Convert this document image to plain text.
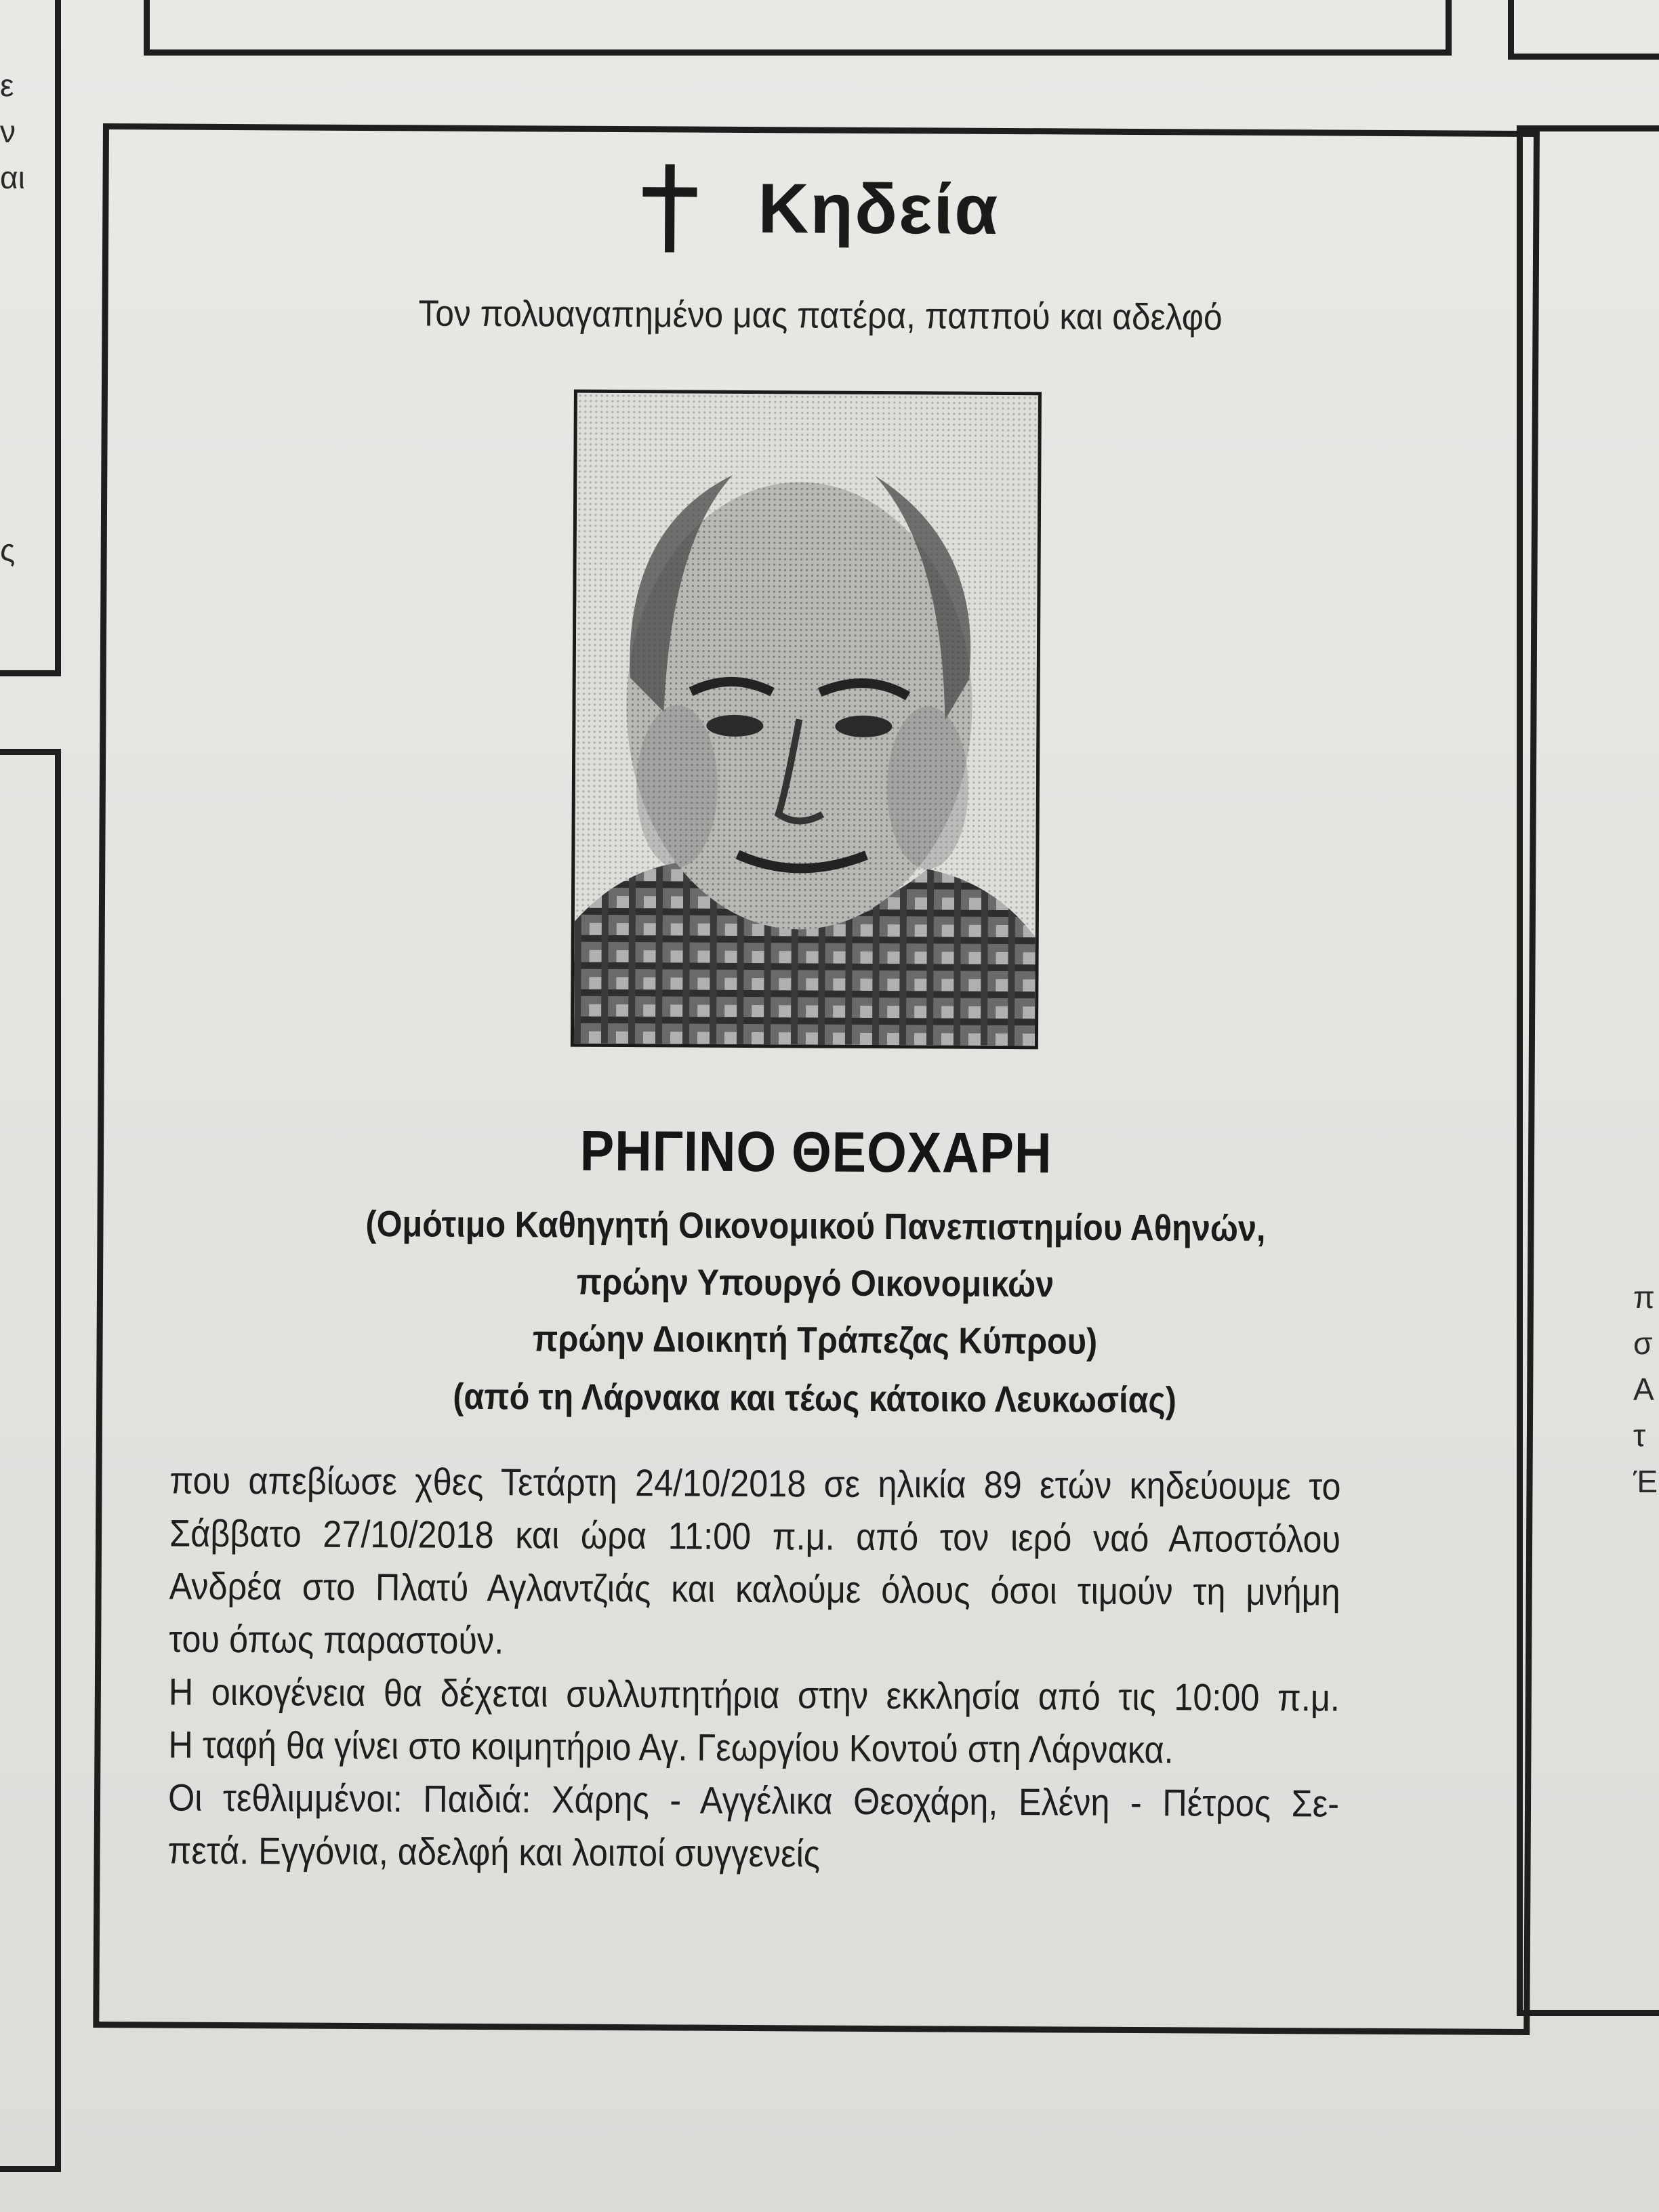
ε
ν
αι
ς
π
σ
Α
τ
Έ
Κηδεία
Τον πολυαγαπημένο μας πατέρα, παππού και αδελφό
ΡΗΓΙΝΟ ΘΕΟΧΑΡΗ
(Ομότιμο Καθηγητή Οικονομικού Πανεπιστημίου Αθηνών,
πρώην Υπουργό Οικονομικών
πρώην Διοικητή Τράπεζας Κύπρου)
(από τη Λάρνακα και τέως κάτοικο Λευκωσίας)
που απεβίωσε χθες Τετάρτη 24/10/2018 σε ηλικία 89 ετών κηδεύουμε το
Σάββατο 27/10/2018 και ώρα 11:00 π.μ. από τον ιερό ναό Αποστόλου
Ανδρέα στο Πλατύ Αγλαντζιάς και καλούμε όλους όσοι τιμούν τη μνήμη
του όπως παραστούν.
Η οικογένεια θα δέχεται συλλυπητήρια στην εκκλησία από τις 10:00 π.μ.
Η ταφή θα γίνει στο κοιμητήριο Αγ. Γεωργίου Κοντού στη Λάρνακα.
Οι τεθλιμμένοι: Παιδιά: Χάρης - Αγγέλικα Θεοχάρη, Ελένη - Πέτρος Σε-
πετά. Εγγόνια, αδελφή και λοιποί συγγενείς
